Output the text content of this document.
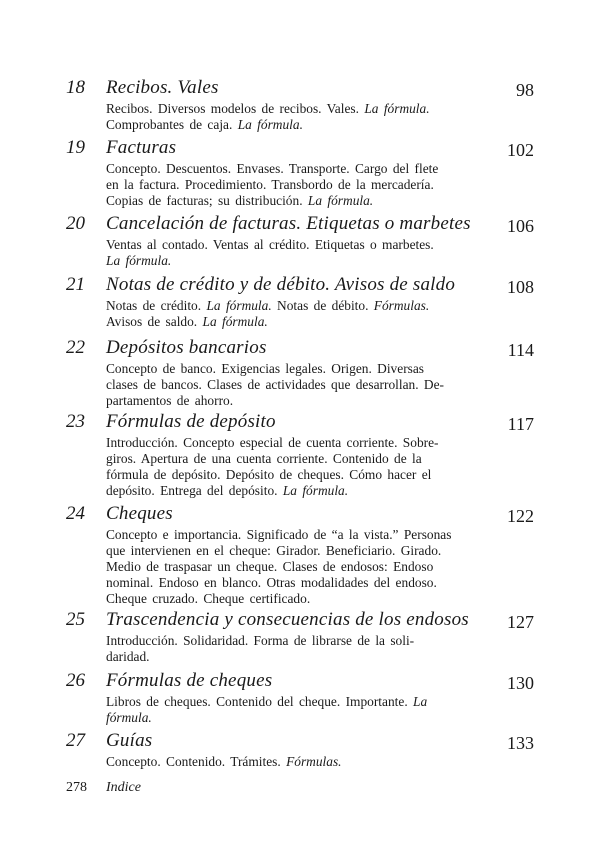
18	Recibos. Vales	98
Recibos. Diversos modelos de recibos. Vales. La fórmula.
Comprobantes de caja. La fórmula.
19	Facturas	102
Concepto. Descuentos. Envases. Transporte. Cargo del flete
en la factura. Procedimiento. Transbordo de la mercadería.
Copias de facturas; su distribución. La fórmula.
20	Cancelación de facturas. Etiquetas o marbetes 106
Ventas al contado. Ventas al crédito. Etiquetas o marbetes.
La fórmula.
21	Notas de crédito y de débito. Avisos de saldo	108
Notas de crédito. La fórmula. Notas de débito. Fórmulas.
Avisos de saldo. La fórmula.
22	Depósitos bancarios	114
Concepto de banco. Exigencias legales. Origen. Diversas
clases de bancos. Clases de actividades que desarrollan. De-
partamentos de ahorro.
23	Fórmulas de depósito	117
Introducción. Concepto especial de cuenta corriente. Sobre-
giros. Apertura de una cuenta corriente. Contenido de la
fórmula de depósito. Depósito de cheques. Cómo hacer el
depósito. Entrega del depósito. La fórmula.
24	Cheques	122
Concepto e importancia. Significado de “a la vista.” Personas
que intervienen en el cheque: Girador. Beneficiario. Girado.
Medio de traspasar un cheque. Clases de endosos: Endoso
nominal. Endoso en blanco. Otras modalidades del endoso.
Cheque cruzado. Cheque certificado.
25	Trascendencia y consecuencias de los endosos 127
Introducción. Solidaridad. Forma de librarse de la soli-
daridad.
26	Fórmulas de cheques	130
Libros de cheques. Contenido del cheque. Importante. La
fórmula.
27	Guías	133
Concepto. Contenido. Trámites. Fórmulas.
278 Indice
